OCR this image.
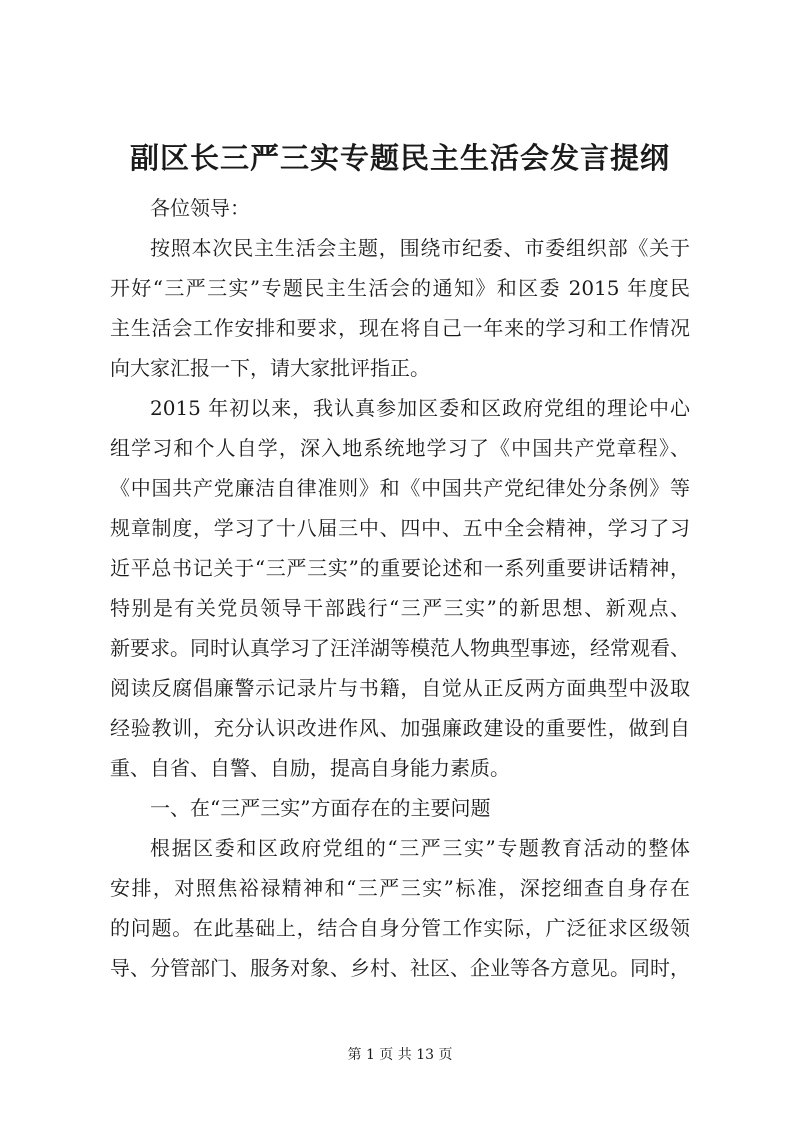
副区长三严三实专题民主生活会发言提纲
各位领导：
按照本次民主生活会主题，围绕市纪委、市委组织部《关于
开好“三严三实”专题民主生活会的通知》和区委 2015 年度民
主生活会工作安排和要求，现在将自己一年来的学习和工作情况
向大家汇报一下，请大家批评指正。
2015 年初以来，我认真参加区委和区政府党组的理论中心
组学习和个人自学，深入地系统地学习了《中国共产党章程》、
《中国共产党廉洁自律准则》和《中国共产党纪律处分条例》等
规章制度，学习了十八届三中、四中、五中全会精神，学习了习
近平总书记关于“三严三实”的重要论述和一系列重要讲话精神，
特别是有关党员领导干部践行“三严三实”的新思想、新观点、
新要求。同时认真学习了汪洋湖等模范人物典型事迹，经常观看、
阅读反腐倡廉警示记录片与书籍，自觉从正反两方面典型中汲取
经验教训，充分认识改进作风、加强廉政建设的重要性，做到自
重、自省、自警、自励，提高自身能力素质。
一、在“三严三实”方面存在的主要问题
根据区委和区政府党组的“三严三实”专题教育活动的整体
安排，对照焦裕禄精神和“三严三实”标准，深挖细查自身存在
的问题。在此基础上，结合自身分管工作实际，广泛征求区级领
导、分管部门、服务对象、乡村、社区、企业等各方意见。同时，
第 1 页 共 13 页
